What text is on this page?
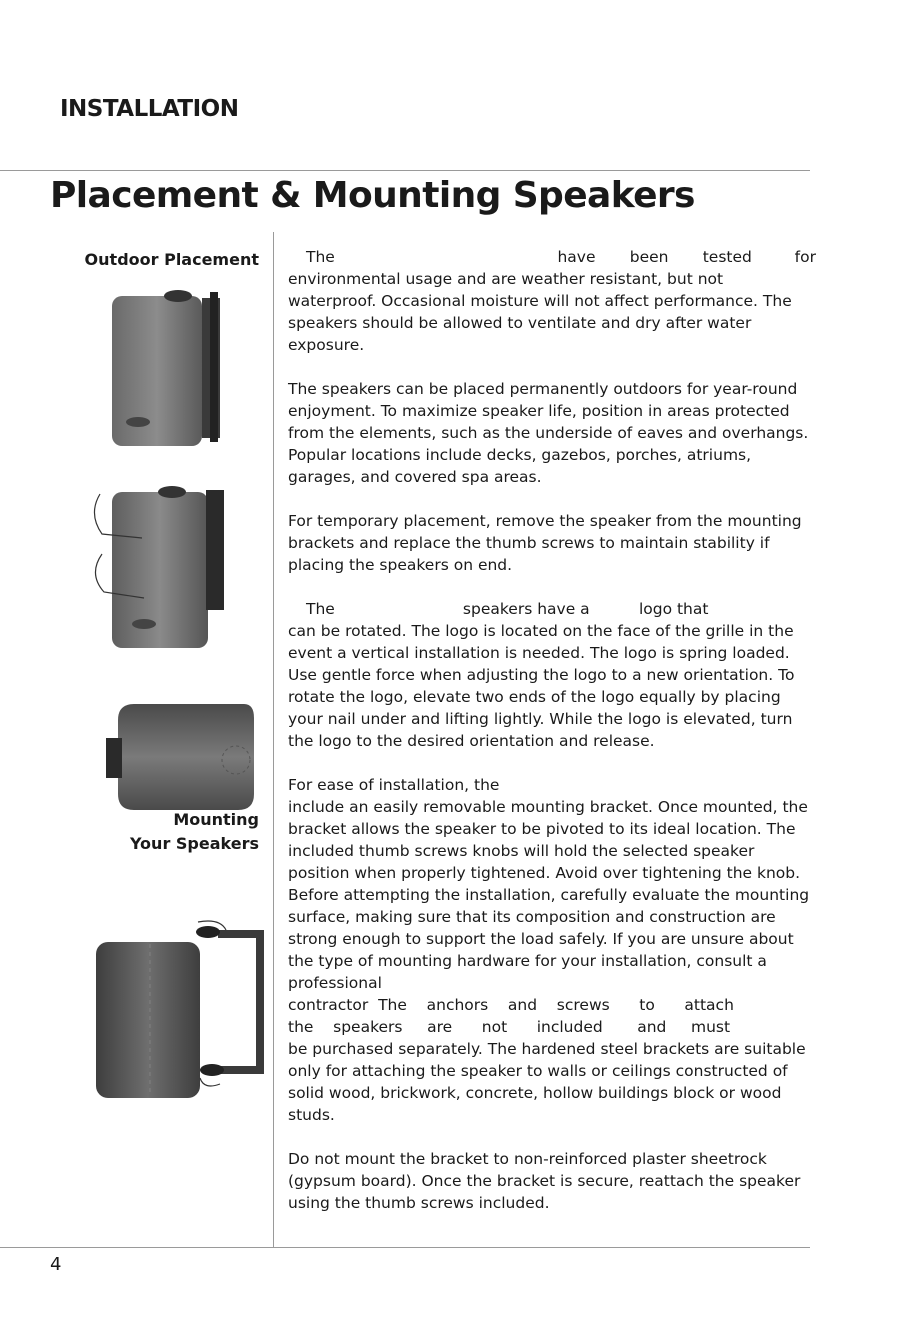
INSTALLATION
Placement & Mounting Speakers

Outdoor Placement

Mounting

Your Speakers

The                          have    been    tested     for

environmental usage and are weather resistant, but not waterproof. Occasional moisture will not affect performance. The speakers should be allowed to ventilate and dry after water exposure.

The speakers can be placed permanently outdoors for year-round enjoyment. To maximize speaker life, position in areas protected from the elements, such as the underside of eaves and overhangs. Popular locations include decks, gazebos, porches, atriums, garages, and covered spa areas.

For temporary placement, remove the speaker from the mounting brackets and replace the thumb screws to maintain stability if placing the speakers on end.

The                          speakers have a          logo that

can be rotated. The logo is located on the face of the grille in the event a vertical installation is needed. The logo is spring loaded. Use gentle force when adjusting the logo to a new orientation. To rotate the logo, elevate two ends of the logo equally by placing your nail under and lifting lightly. While the logo is elevated, turn the logo to the desired orientation and release.

For ease of installation, the

include an easily removable mounting bracket. Once mounted, the bracket allows the speaker to be pivoted to its ideal location. The included thumb screws knobs will hold the selected speaker position when properly tightened. Avoid over tightening the knob. Before attempting the installation, carefully evaluate the mounting surface, making sure that its composition and construction are strong enough to support the load safely. If you are unsure about the type of mounting hardware for your installation, consult a professional

contractor  The    anchors    and    screws      to      attach

the    speakers     are      not      included       and     must

be purchased separately. The hardened steel brackets are suitable only for attaching the speaker to walls or ceilings constructed of solid wood, brickwork, concrete, hollow buildings block or wood studs.

Do not mount the bracket to non-reinforced plaster sheetrock (gypsum board). Once the bracket is secure, reattach the speaker using the thumb screws included.

4
